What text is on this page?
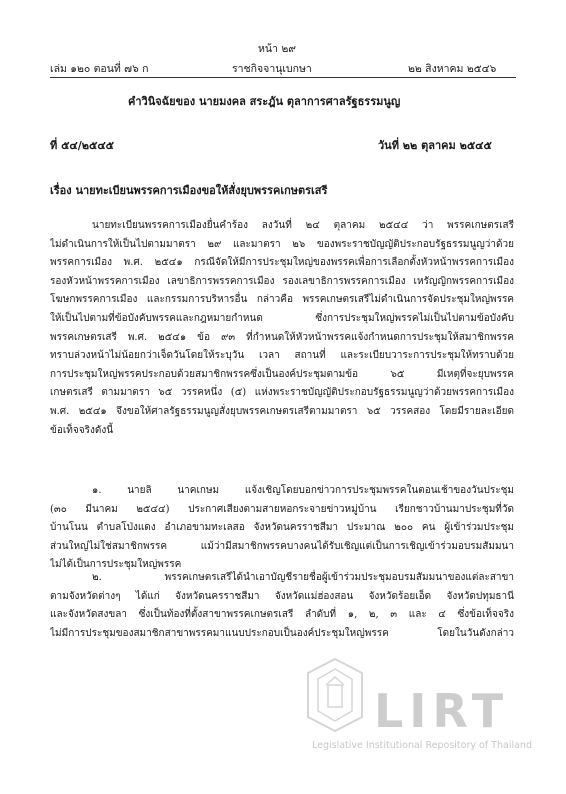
หน้า ๒๙
เล่ม ๑๒๐ ตอนที่ ๗๖ ก	ราชกิจจานุเบกษา	๒๒ สิงหาคม ๒๕๔๖
คำวินิจฉัยของ นายมงคล สระฎัน ตุลาการศาลรัฐธรรมนูญ
ที่ ๕๔/๒๕๔๕	วันที่ ๒๒ ตุลาคม ๒๕๔๕
เรื่อง นายทะเบียนพรรคการเมืองขอให้สั่งยุบพรรคเกษตรเสรี
นายทะเบียนพรรคการเมืองยื่นคำร้อง ลงวันที่ ๒๔ ตุลาคม ๒๕๔๔ ว่า พรรคเกษตรเสรี
ไม่ดำเนินการให้เป็นไปตามมาตรา ๒๙ และมาตรา ๒๖ ของพระราชบัญญัติประกอบรัฐธรรมนูญว่าด้วย
พรรคการเมือง พ.ศ. ๒๕๔๑ กรณีจัดให้มีการประชุมใหญ่ของพรรคเพื่อการเลือกตั้งหัวหน้าพรรคการเมือง
รองหัวหน้าพรรคการเมือง เลขาธิการพรรคการเมือง รองเลขาธิการพรรคการเมือง เหรัญญิกพรรคการเมือง
โฆษกพรรคการเมือง และกรรมการบริหารอื่น กล่าวคือ พรรคเกษตรเสรีไม่ดำเนินการจัดประชุมใหญ่พรรค
ให้เป็นไปตามที่ข้อบังคับพรรคและกฎหมายกำหนด ซึ่งการประชุมใหญ่พรรคไม่เป็นไปตามข้อบังคับ
พรรคเกษตรเสรี พ.ศ. ๒๕๔๑ ข้อ ๙๓ ที่กำหนดให้หัวหน้าพรรคแจ้งกำหนดการประชุมให้สมาชิกพรรค
ทราบล่วงหน้าไม่น้อยกว่าเจ็ดวันโดยให้ระบุวัน เวลา สถานที่ และระเบียบวาระการประชุมให้ทราบด้วย
การประชุมใหญ่พรรคประกอบด้วยสมาชิกพรรคซึ่งเป็นองค์ประชุมตามข้อ ๖๕ มีเหตุที่จะยุบพรรค
เกษตรเสรี ตามมาตรา ๖๕ วรรคหนึ่ง (๕) แห่งพระราชบัญญัติประกอบรัฐธรรมนูญว่าด้วยพรรคการเมือง
พ.ศ. ๒๕๔๑ จึงขอให้ศาลรัฐธรรมนูญสั่งยุบพรรคเกษตรเสรีตามมาตรา ๖๕ วรรคสอง โดยมีรายละเอียด
ข้อเท็จจริงดังนี้
๑. นายลิ นาคเกษม แจ้งเชิญโดยบอกข่าวการประชุมพรรคในตอนเช้าของวันประชุม
(๓๐ มีนาคม ๒๕๔๔) ประกาศเสียงตามสายหอกระจายข่าวหมู่บ้าน เรียกชาวบ้านมาประชุมที่วัด
บ้านโนน ตำบลโป่งแดง อำเภอขามทะเลสอ จังหวัดนครราชสีมา ประมาณ ๒๐๐ คน ผู้เข้าร่วมประชุม
ส่วนใหญ่ไม่ใช่สมาชิกพรรค แม้ว่ามีสมาชิกพรรคบางคนได้รับเชิญแต่เป็นการเชิญเข้าร่วมอบรมสัมมนา
ไม่ได้เป็นการประชุมใหญ่พรรค
๒. พรรคเกษตรเสรีได้นำเอาบัญชีรายชื่อผู้เข้าร่วมประชุมอบรมสัมมนาของแต่ละสาขา
ตามจังหวัดต่างๆ ได้แก่ จังหวัดนครราชสีมา จังหวัดแม่ฮ่องสอน จังหวัดร้อยเอ็ด จังหวัดปทุมธานี
และจังหวัดสงขลา ซึ่งเป็นท้องที่ตั้งสาขาพรรคเกษตรเสรี ลำดับที่ ๑, ๒, ๓ และ ๔ ซึ่งข้อเท็จจริง
ไม่มีการประชุมของสมาชิกสาขาพรรคมาแนบประกอบเป็นองค์ประชุมใหญ่พรรค โดยในวันดังกล่าว
LIRT
Legislative Institutional Repository of Thailand
